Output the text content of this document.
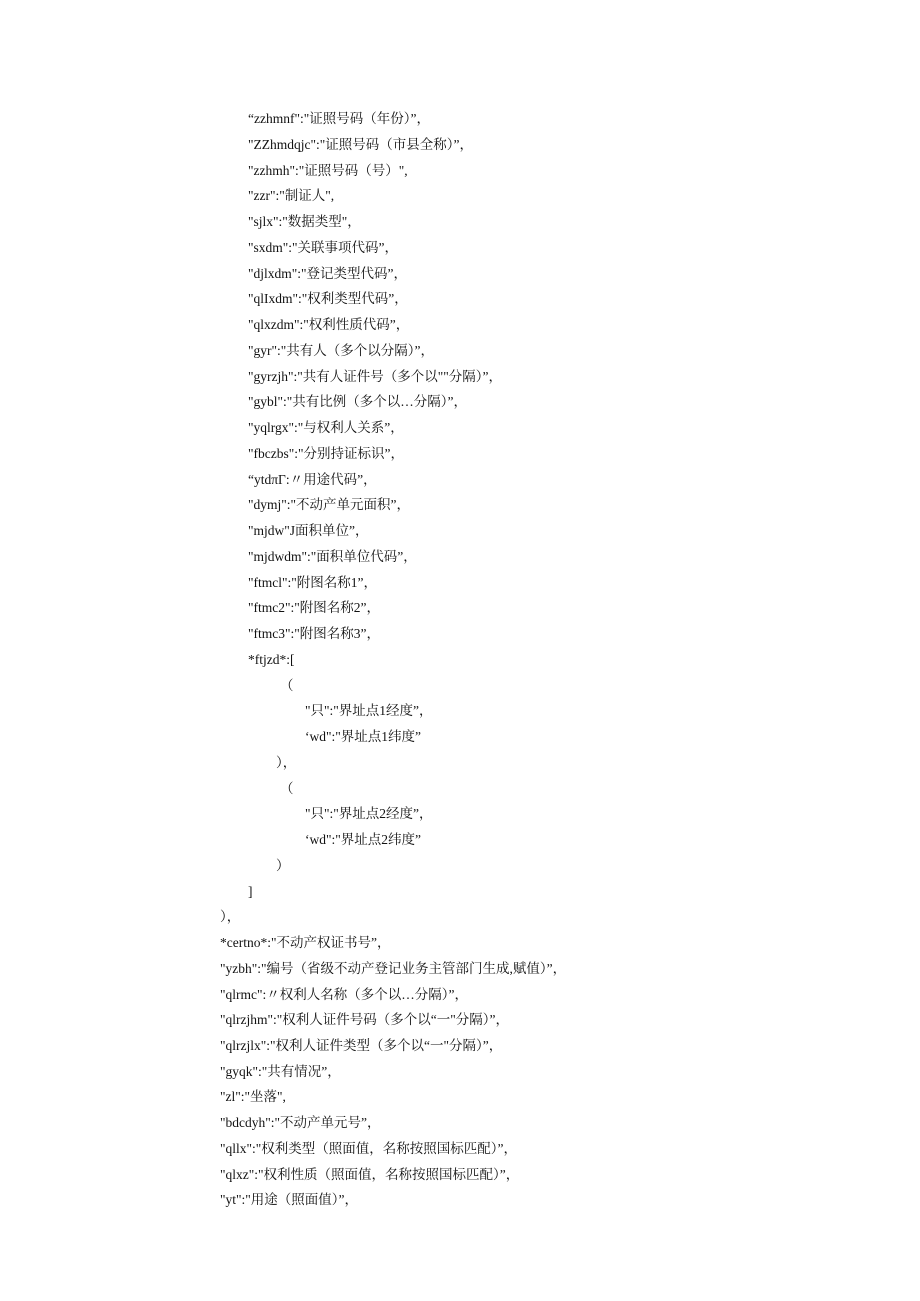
“zzhmnf":"证照号码（年份）”，
"ZZhmdqjc":"证照号码（市县全称）”，
"zzhmh":"证照号码（号）",
"zzr":"制证人",
"sjlx":"数据类型"，
"sxdm":"关联事项代码”，
"djlxdm":"登记类型代码”，
"qlIxdm":"权利类型代码”，
"qlxzdm":"权利性质代码”，
"gyr":"共有人（多个以分隔）”，
"gyrzjh":"共有人证件号（多个以""分隔）”，
"gybl":"共有比例（多个以…分隔）”，
"yqlrgx":"与权利人关系”，
"fbczbs":"分别持证标识”，
“ytdπΓ:〃用途代码”，
"dymj":"不动产单元面积”，
"mjdw"J面积单位”，
"mjdwdm":"面积单位代码”，
"ftmcl":"附图名称1”，
"ftmc2":"附图名称2”，
"ftmc3":"附图名称3”，
*ftjzd*:[
（
"只":"界址点1经度”，
‘wd":"界址点1纬度”
），
（
"只":"界址点2经度”，
‘wd":"界址点2纬度”
）
]
），
*certno*:"不动产权证书号”，
"yzbh":"编号（省级不动产登记业务主管部门生成,赋值）”，
"qlrmc":〃权利人名称（多个以…分隔）”，
"qlrzjhm":"权利人证件号码（多个以“一"分隔）”，
"qlrzjlx":"权利人证件类型（多个以“一"分隔）”，
"gyqk":"共有情况”，
"zl":"坐落",
"bdcdyh":"不动产单元号”，
"qllx":"权利类型（照面值，名称按照国标匹配）”，
"qlxz":"权利性质（照面值，名称按照国标匹配）”，
"yt":"用途（照面值）”，
